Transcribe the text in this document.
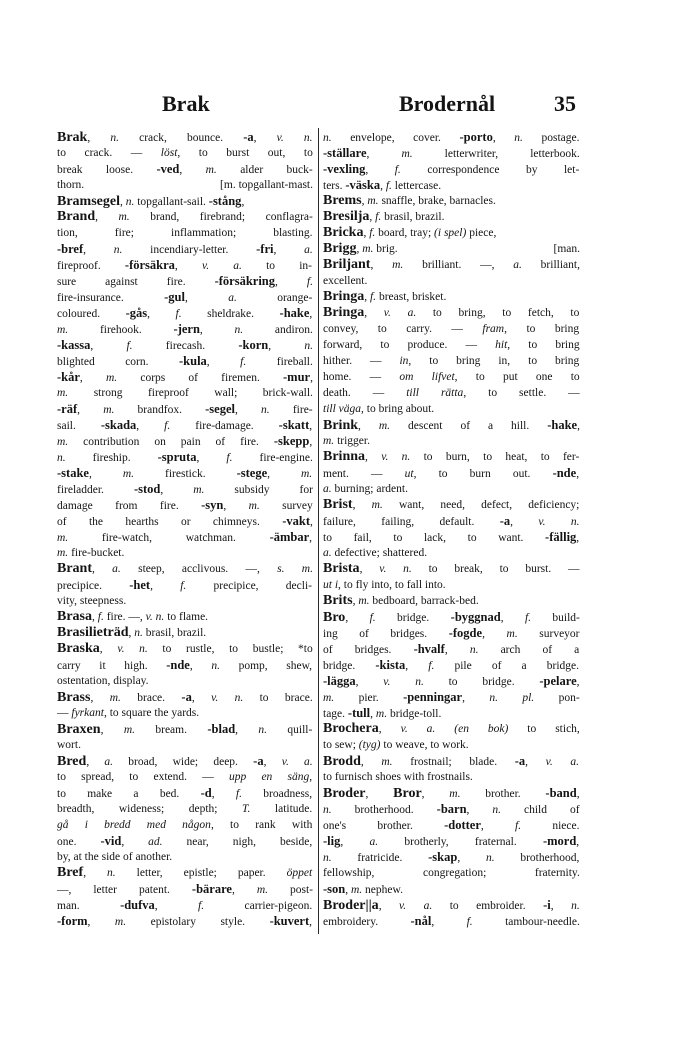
Brak	Brodernål	35
Brak, n. crack, bounce. -a, v. n.
to crack. — löst, to burst out, to
break loose. -ved, m. alder buck-
thorn.	[m. topgallant-mast.
Bramsegel, n. topgallant-sail. -stång,
Brand, m. brand, firebrand; conflagra-
tion, fire; inflammation; blasting.
-bref, n. incendiary-letter. -fri, a.
fireproof. -försäkra, v. a. to in-
sure against fire. -försäkring, f.
fire-insurance. -gul, a. orange-
coloured. -gås, f. sheldrake. -hake,
m. firehook. -jern, n. andiron.
-kassa, f. firecash. -korn, n.
blighted corn. -kula, f. fireball.
-kår, m. corps of firemen. -mur,
m. strong fireproof wall; brick-wall.
-räf, m. brandfox. -segel, n. fire-
sail. -skada, f. fire-damage. -skatt,
m. contribution on pain of fire. -skepp,
n. fireship. -spruta, f. fire-engine.
-stake, m. firestick. -stege, m.
fireladder. -stod, m. subsidy for
damage from fire. -syn, m. survey
of the hearths or chimneys. -vakt,
m. fire-watch, watchman. -ämbar,
m. fire-bucket.
Brant, a. steep, acclivous. —, s. m.
precipice. -het, f. precipice, decli-
vity, steepness.
Brasa, f. fire. —, v. n. to flame.
Brasilieträd, n. brasil, brazil.
Braska, v. n. to rustle, to bustle; *to
carry it high. -nde, n. pomp, shew,
ostentation, display.
Brass, m. brace. -a, v. n. to brace.
— fyrkant, to square the yards.
Braxen, m. bream. -blad, n. quill-
wort.
Bred, a. broad, wide; deep. -a, v. a.
to spread, to extend. — upp en säng,
to make a bed. -d, f. broadness,
breadth, wideness; depth; T. latitude.
gå i bredd med någon, to rank with
one. -vid, ad. near, nigh, beside,
by, at the side of another.
Bref, n. letter, epistle; paper. öppet
—, letter patent. -bärare, m. post-
man. -dufva, f. carrier-pigeon.
-form, m. epistolary style. -kuvert,
n. envelope, cover. -porto, n. postage.
-ställare, m. letterwriter, letterbook.
-vexling, f. correspondence by let-
ters. -väska, f. lettercase.
Brems, m. snaffle, brake, barnacles.
Bresilja, f. brasil, brazil.
Bricka, f. board, tray; (i spel) piece,
Brigg, m. brig.	[man.
Briljant, m. brilliant. —, a. brilliant,
excellent.
Bringa, f. breast, brisket.
Bringa, v. a. to bring, to fetch, to
convey, to carry. — fram, to bring
forward, to produce. — hit, to bring
hither. — in, to bring in, to bring
home. — om lifvet, to put one to
death. — till rätta, to settle. —
till väga, to bring about.
Brink, m. descent of a hill. -hake,
m. trigger.
Brinna, v. n. to burn, to heat, to fer-
ment. — ut, to burn out. -nde,
a. burning; ardent.
Brist, m. want, need, defect, deficiency;
failure, failing, default. -a, v. n.
to fail, to lack, to want. -fällig,
a. defective; shattered.
Brista, v. n. to break, to burst. —
ut i, to fly into, to fall into.
Brits, m. bedboard, barrack-bed.
Bro, f. bridge. -byggnad, f. build-
ing of bridges. -fogde, m. surveyor
of bridges. -hvalf, n. arch of a
bridge. -kista, f. pile of a bridge.
-lägga, v. n. to bridge. -pelare,
m. pier. -penningar, n. pl. pon-
tage. -tull, m. bridge-toll.
Brochera, v. a. (en bok) to stich,
to sew; (tyg) to weave, to work.
Brodd, m. frostnail; blade. -a, v. a.
to furnisch shoes with frostnails.
Broder, Bror, m. brother. -band,
n. brotherhood. -barn, n. child of
one's brother. -dotter, f. niece.
-lig, a. brotherly, fraternal. -mord,
n. fratricide. -skap, n. brotherhood,
fellowship, congregation; fraternity.
-son, m. nephew.
Broder||a, v. a. to embroider. -i, n.
embroidery. -nål, f. tambour-needle.
